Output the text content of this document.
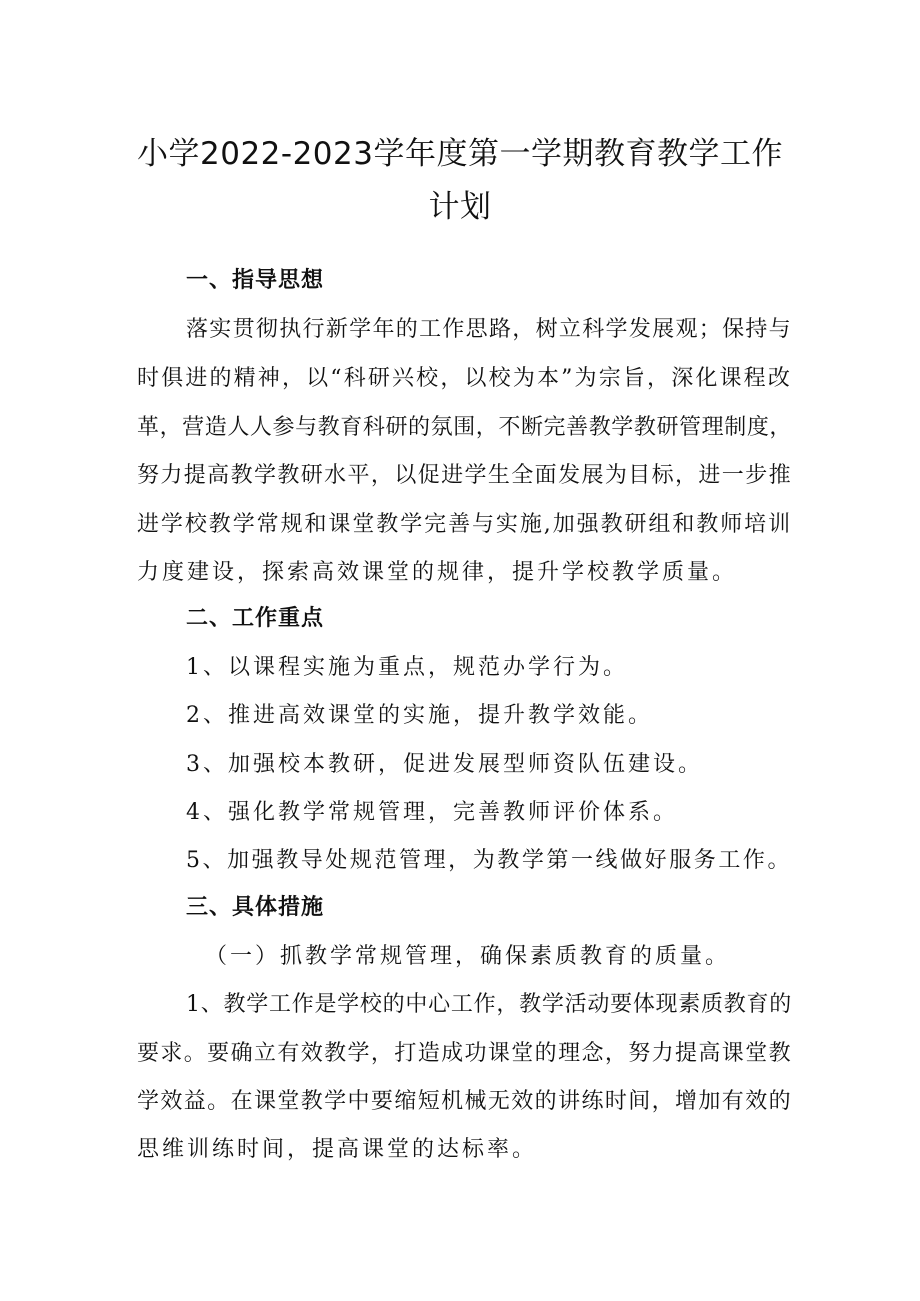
小学2022-2023学年度第一学期教育教学工作
计划
一、指导思想
落实贯彻执行新学年的工作思路，树立科学发展观；保持与
时俱进的精神，以“科研兴校，以校为本”为宗旨，深化课程改
革，营造人人参与教育科研的氛围，不断完善教学教研管理制度，
努力提高教学教研水平，以促进学生全面发展为目标，进一步推
进学校教学常规和课堂教学完善与实施,加强教研组和教师培训
力度建设，探索高效课堂的规律，提升学校教学质量。
二、工作重点
1、以课程实施为重点，规范办学行为。
2、推进高效课堂的实施，提升教学效能。
3、加强校本教研，促进发展型师资队伍建设。
4、强化教学常规管理，完善教师评价体系。
5、加强教导处规范管理，为教学第一线做好服务工作。
三、具体措施
（一）抓教学常规管理，确保素质教育的质量。
1、教学工作是学校的中心工作，教学活动要体现素质教育的
要求。要确立有效教学，打造成功课堂的理念，努力提高课堂教
学效益。在课堂教学中要缩短机械无效的讲练时间，增加有效的
思维训练时间，提高课堂的达标率。
